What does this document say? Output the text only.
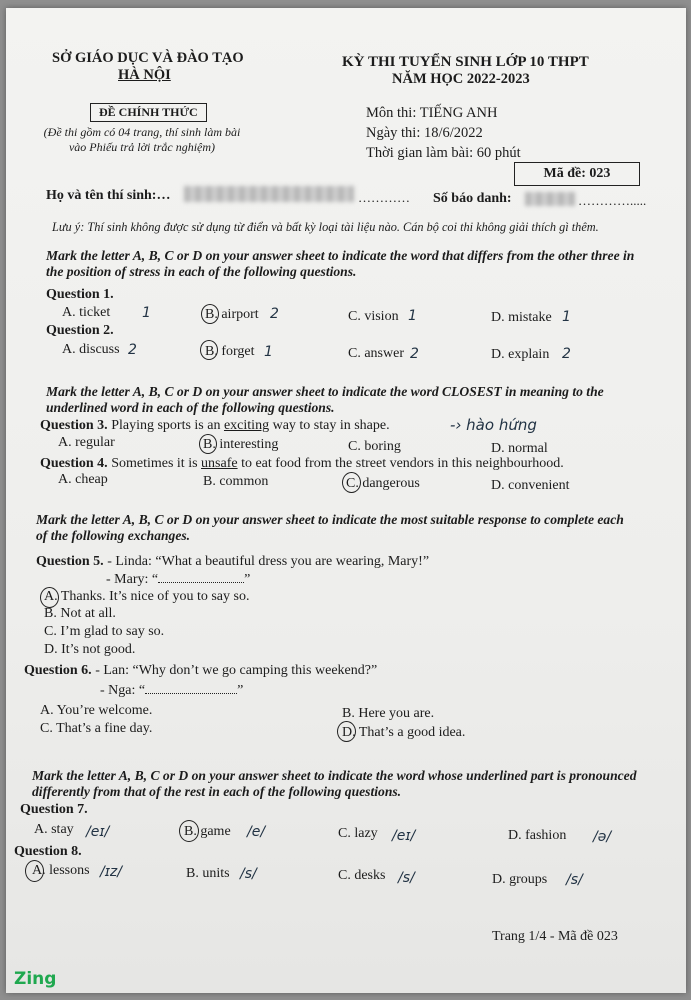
SỞ GIÁO DỤC VÀ ĐÀO TẠO
HÀ NỘI
ĐỀ CHÍNH THỨC
(Đề thi gồm có 04 trang, thí sinh làm bài
vào Phiếu trả lời trắc nghiệm)
KỲ THI TUYỂN SINH LỚP 10 THPT
NĂM HỌC 2022-2023
Môn thi: TIẾNG ANH
Ngày thi: 18/6/2022
Thời gian làm bài: 60 phút
Mã đề: 023
Họ và tên thí sinh:…	………… Số báo danh:	………….....
Lưu ý: Thí sinh không được sử dụng từ điển và bất kỳ loại tài liệu nào. Cán bộ coi thi không giải thích gì thêm.
Mark the letter A, B, C or D on your answer sheet to indicate the word that differs from the other three in the position of stress in each of the following questions.
Question 1.
A. ticket 1	B. airport 2	C. vision 1	D. mistake 1
Question 2.
A. discuss 2	B. forget 1	C. answer 2	D. explain 2
Mark the letter A, B, C or D on your answer sheet to indicate the word CLOSEST in meaning to the underlined word in each of the following questions.
Question 3. Playing sports is an exciting way to stay in shape.	-› hào hứng
A. regular	B. interesting	C. boring	D. normal
Question 4. Sometimes it is unsafe to eat food from the street vendors in this neighbourhood.
A. cheap	B. common	C. dangerous	D. convenient
Mark the letter A, B, C or D on your answer sheet to indicate the most suitable response to complete each of the following exchanges.
Question 5. - Linda: “What a beautiful dress you are wearing, Mary!”
- Mary: “	”
A. Thanks. It’s nice of you to say so.
B. Not at all.
C. I’m glad to say so.
D. It’s not good.
Question 6. - Lan: “Why don’t we go camping this weekend?”
- Nga: “	”
A. You’re welcome.	B. Here you are.
C. That’s a fine day.	D. That’s a good idea.
Mark the letter A, B, C or D on your answer sheet to indicate the word whose underlined part is pronounced differently from that of the rest in each of the following questions.
Question 7.
A. stay /eɪ/	B. game /e/	C. lazy /eɪ/	D. fashion /ə/
Question 8.
A. lessons /ɪz/	B. units /s/	C. desks /s/	D. groups /s/
Trang 1/4 - Mã đề 023
Zing
